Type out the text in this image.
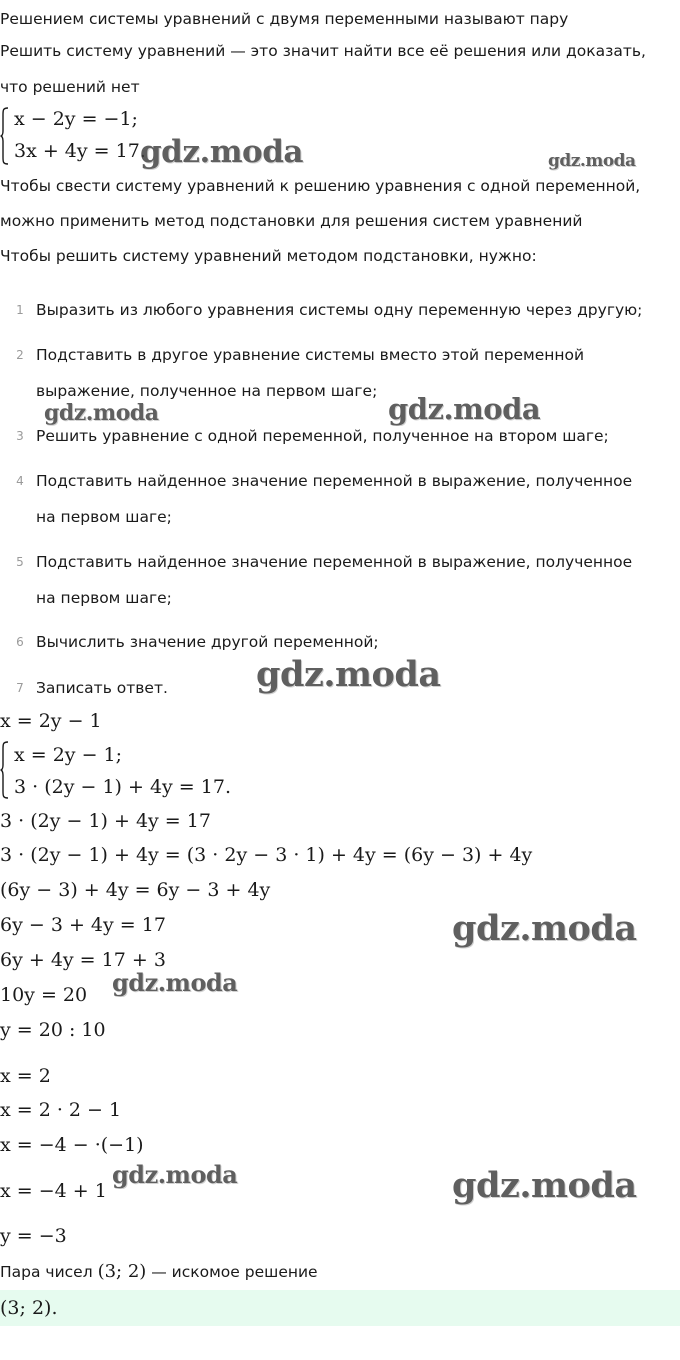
Решением системы уравнений с двумя переменными называют пару
Решить систему уравнений — это значит найти все её решения или доказать,
что решений нет
x − 2y = −1;
3x + 4y = 17.
Чтобы свести систему уравнений к решению уравнения с одной переменной,
можно применить метод подстановки для решения систем уравнений
Чтобы решить систему уравнений методом подстановки, нужно:
1 Выразить из любого уравнения системы одну переменную через другую;
2 Подставить в другое уравнение системы вместо этой переменной
выражение, полученное на первом шаге;
3 Решить уравнение с одной переменной, полученное на втором шаге;
4 Подставить найденное значение переменной в выражение, полученное
на первом шаге;
5 Подставить найденное значение переменной в выражение, полученное
на первом шаге;
6 Вычислить значение другой переменной;
7 Записать ответ.
x = 2y − 1
x = 2y − 1;
3 · (2y − 1) + 4y = 17.
3 · (2y − 1) + 4y = 17
3 · (2y − 1) + 4y = (3 · 2y − 3 · 1) + 4y = (6y − 3) + 4y
(6y − 3) + 4y = 6y − 3 + 4y
6y − 3 + 4y = 17
6y + 4y = 17 + 3
10y = 20
y = 20 : 10
x = 2
x = 2 · 2 − 1
x = −4 − ·(−1)
x = −4 + 1
y = −3
Пара чисел (3; 2) — искомое решение
(3; 2).
gdz.moda	gdz.moda
gdz.moda	gdz.moda
gdz.moda
gdz.moda
gdz.moda
gdz.moda	gdz.moda
